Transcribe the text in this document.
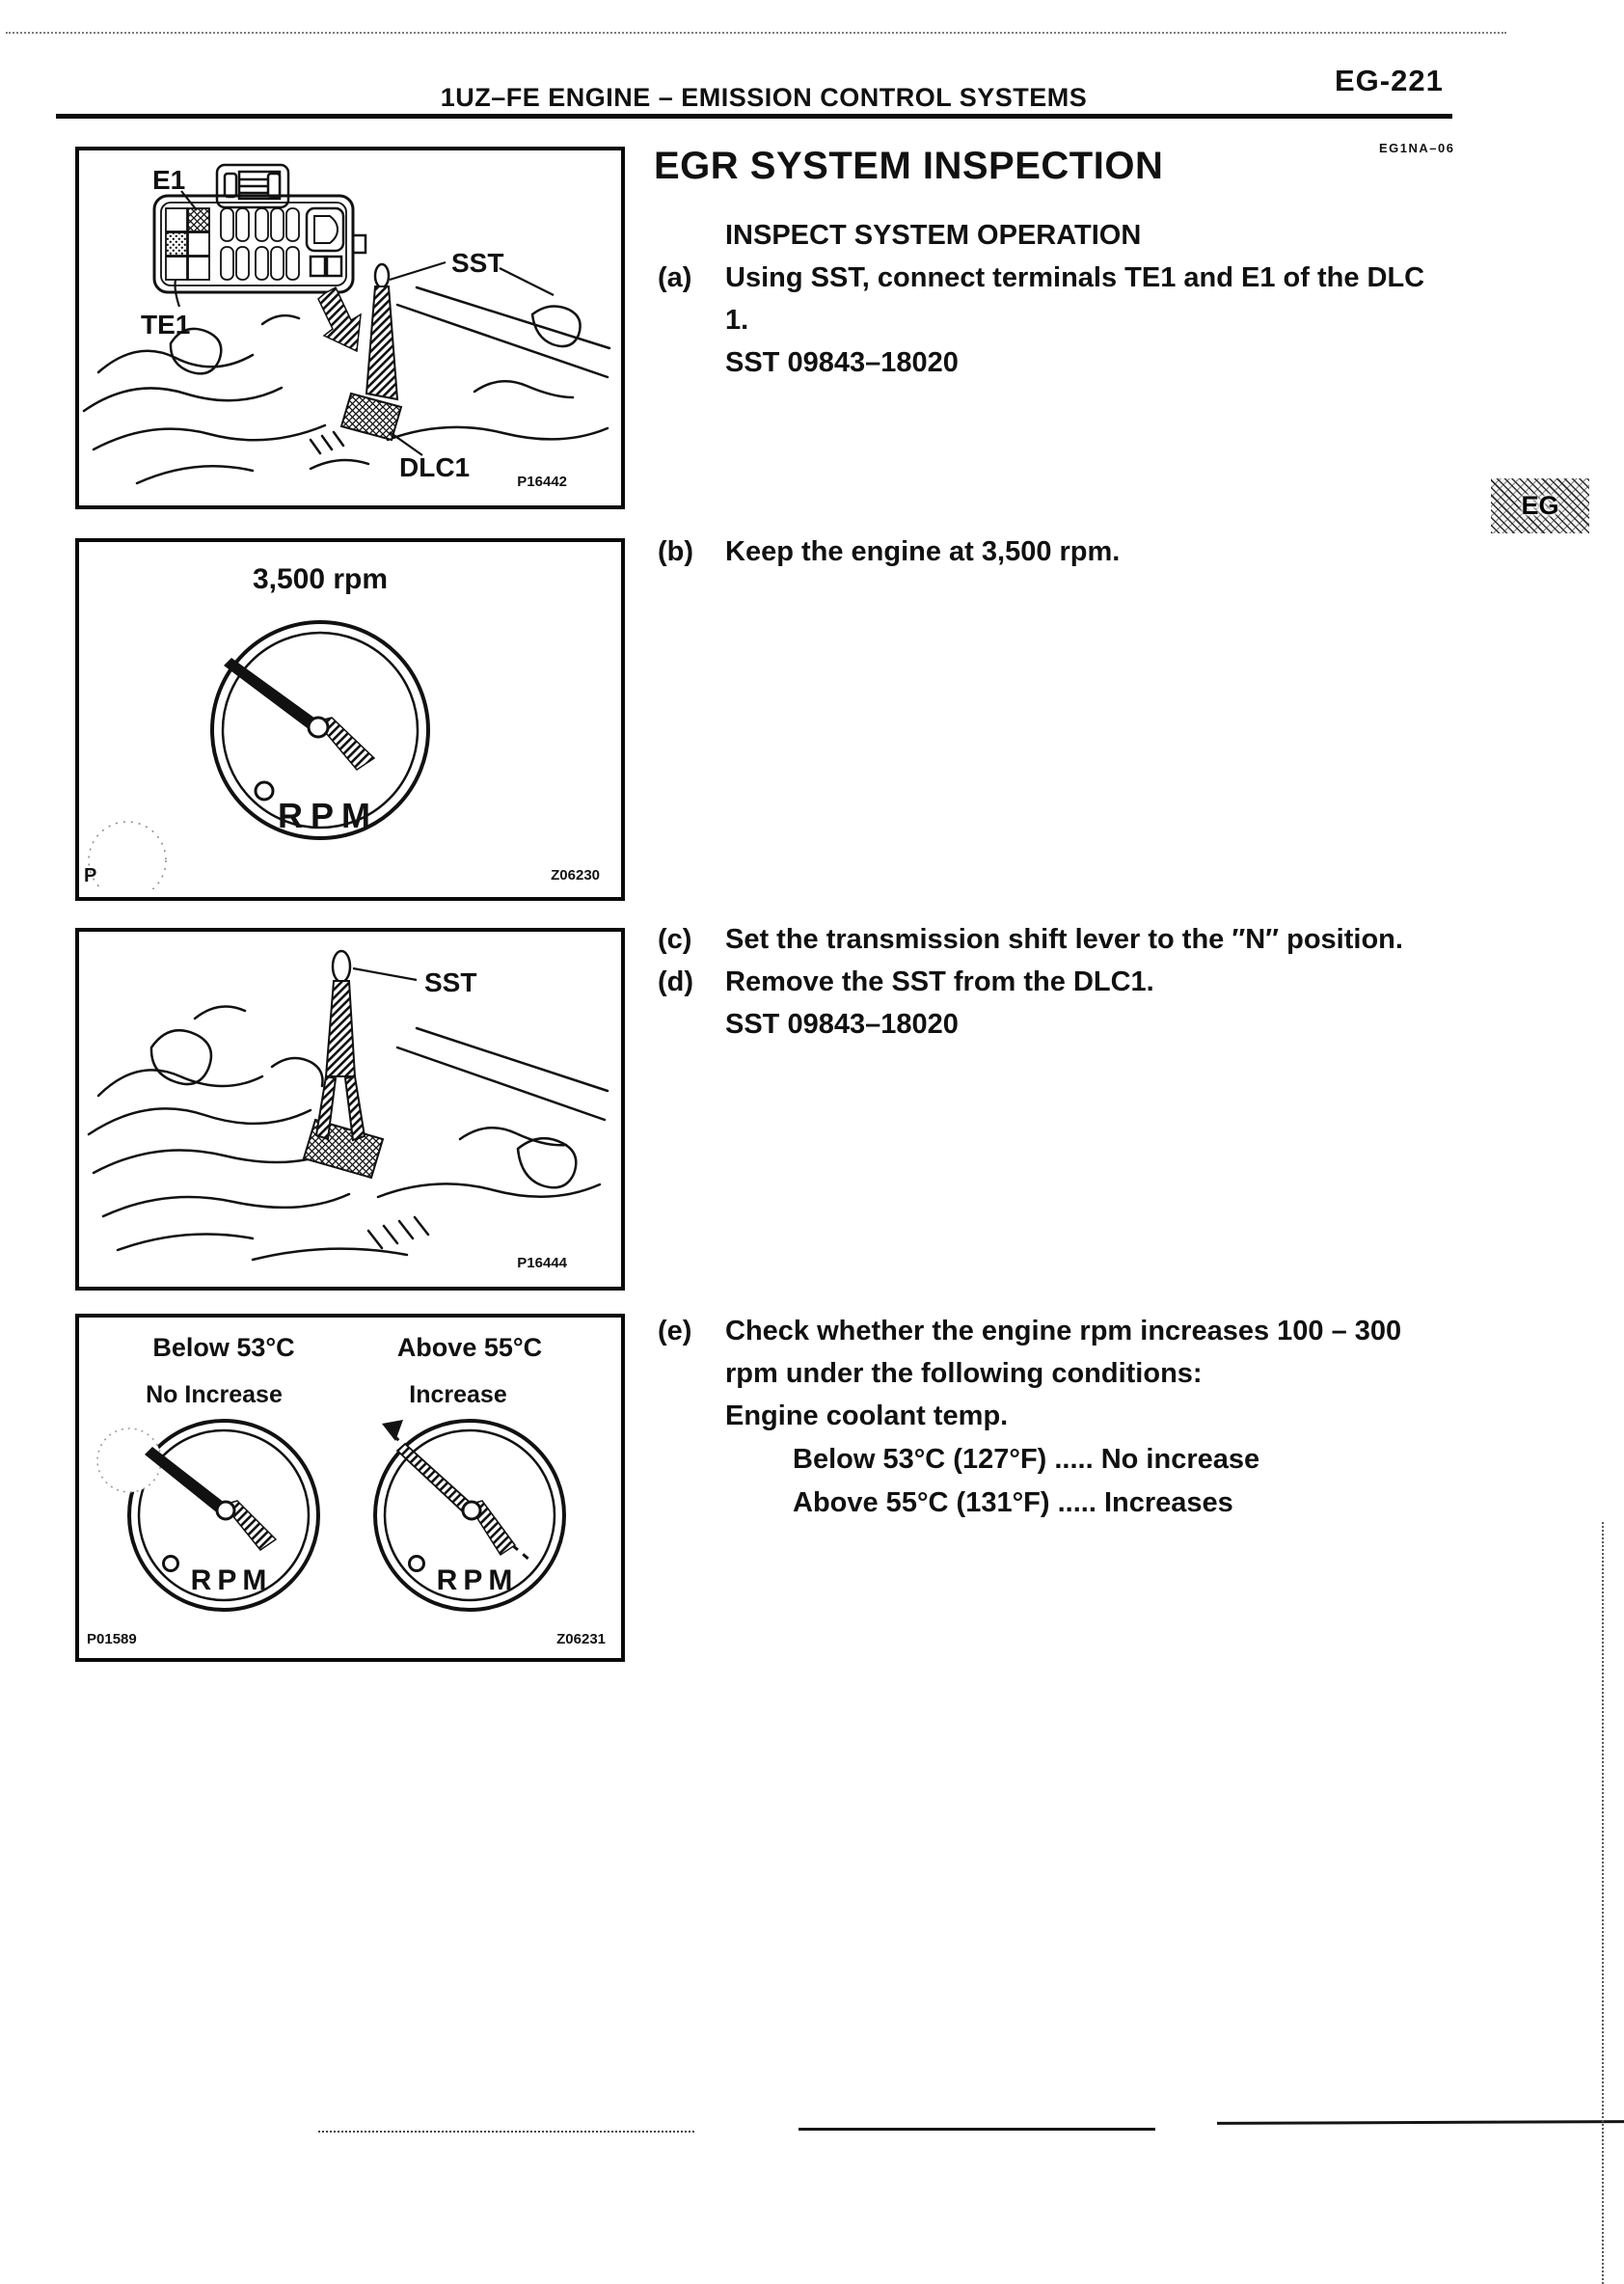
EG-221
1UZ–FE ENGINE – EMISSION CONTROL SYSTEMS
EG
EG1NA–06
EGR SYSTEM INSPECTION
INSPECT SYSTEM OPERATION
(a) Using SST, connect terminals TE1 and E1 of the DLC
1.
SST 09843–18020
(b) Keep the engine at 3,500 rpm.
(c) Set the transmission shift lever to the ″N″ position.
(d) Remove the SST from the DLC1.
SST 09843–18020
(e) Check whether the engine rpm increases 100 – 300
rpm under the following conditions:
Engine coolant temp.
Below 53°C (127°F) ..... No increase
Above 55°C (131°F) ..... Increases
E1
TE1
SST
DLC1	P16442
3,500 rpm
RPM
P	Z06230
SST
P16444
Below 53°C
No Increase
RPM
Above 55°C
Increase
RPM
P01589	Z06231
